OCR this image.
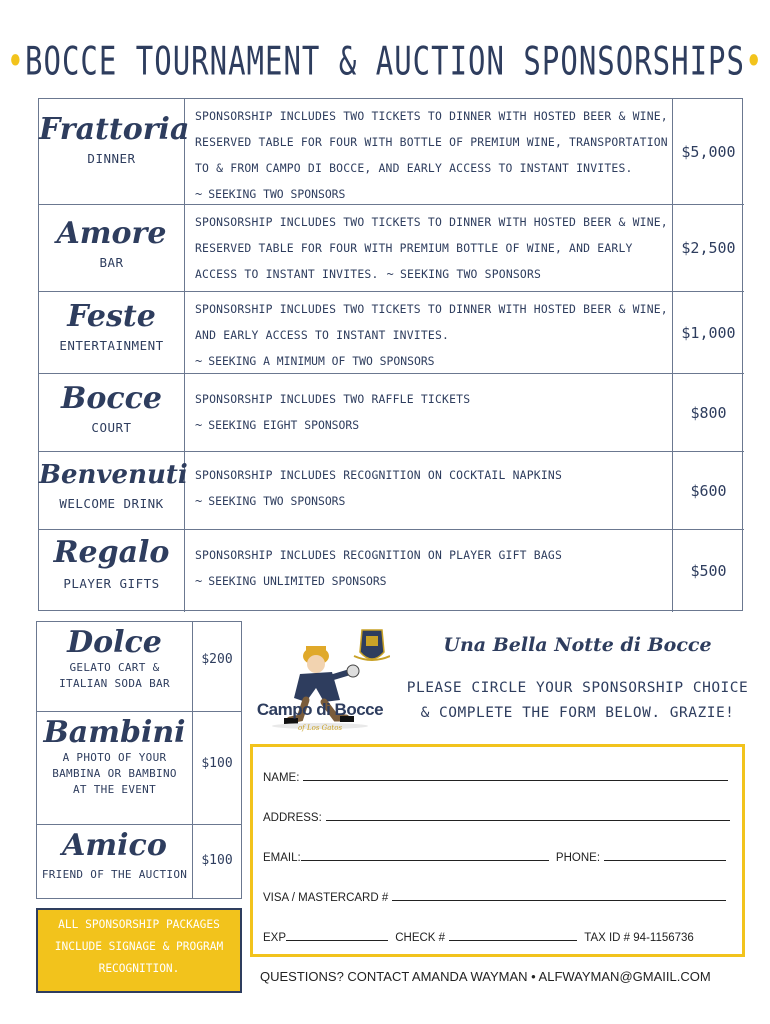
•BOCCE TOURNAMENT & AUCTION SPONSORSHIPS•
Frattoria
DINNER
SPONSORSHIP INCLUDES TWO TICKETS TO DINNER WITH HOSTED BEER & WINE,
RESERVED TABLE FOR FOUR WITH BOTTLE OF PREMIUM WINE, TRANSPORTATION
TO & FROM CAMPO DI BOCCE, AND EARLY ACCESS TO INSTANT INVITES.
~ SEEKING TWO SPONSORS
$5,000
Amore
BAR
SPONSORSHIP INCLUDES TWO TICKETS TO DINNER WITH HOSTED BEER & WINE,
RESERVED TABLE FOR FOUR WITH PREMIUM BOTTLE OF WINE, AND EARLY
ACCESS TO INSTANT INVITES. ~ SEEKING TWO SPONSORS
$2,500
Feste
ENTERTAINMENT
SPONSORSHIP INCLUDES TWO TICKETS TO DINNER WITH HOSTED BEER & WINE,
AND EARLY ACCESS TO INSTANT INVITES.
~ SEEKING A MINIMUM OF TWO SPONSORS
$1,000
Bocce
COURT
SPONSORSHIP INCLUDES TWO RAFFLE TICKETS
~ SEEKING EIGHT SPONSORS
$800
Benvenuti
WELCOME DRINK
SPONSORSHIP INCLUDES RECOGNITION ON COCKTAIL NAPKINS
~ SEEKING TWO SPONSORS
$600
Regalo
PLAYER GIFTS
SPONSORSHIP INCLUDES RECOGNITION ON PLAYER GIFT BAGS
~ SEEKING UNLIMITED SPONSORS
$500
Dolce
GELATO CART &
ITALIAN SODA BAR
$200
Bambini
A PHOTO OF YOUR
BAMBINA OR BAMBINO
AT THE EVENT
$100
Amico
FRIEND OF THE AUCTION
$100
ALL SPONSORSHIP PACKAGES
INCLUDE SIGNAGE & PROGRAM
RECOGNITION.
Campo di Bocce
of Los Gatos
Una Bella Notte di Bocce
PLEASE CIRCLE YOUR SPONSORSHIP CHOICE
& COMPLETE THE FORM BELOW. GRAZIE!
NAME:
ADDRESS:
EMAIL:	PHONE:
VISA / MASTERCARD #
EXP	CHECK #	TAX ID # 94-1156736
QUESTIONS? CONTACT AMANDA WAYMAN • ALFWAYMAN@GMAIIL.COM
